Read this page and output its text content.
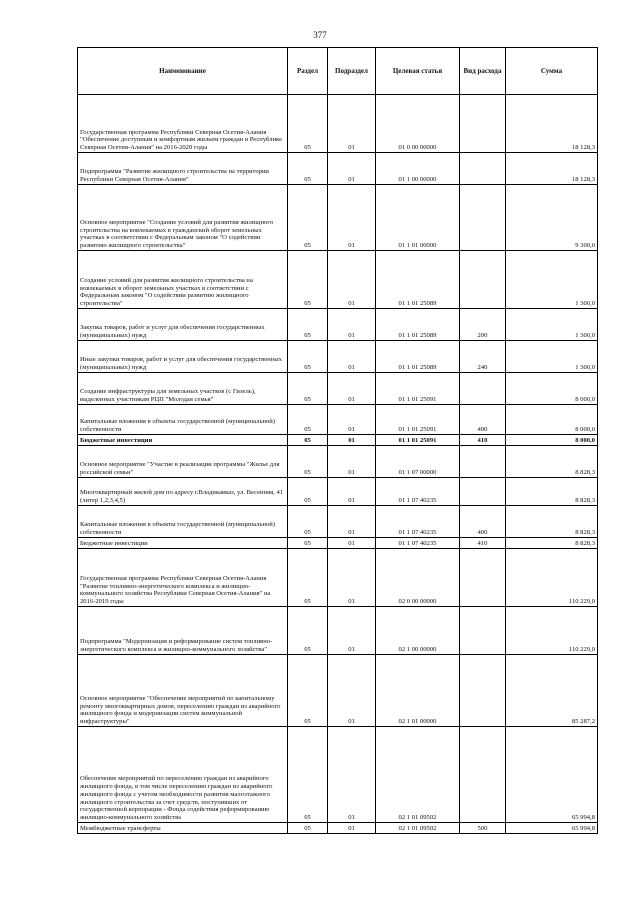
377
Наименование	Раздел	Подраздел	Целевая статья	Вид расхода	Сумма
Государственная программа Республики Северная Осетия-Алания "Обеспечение доступным и комфортным жильем граждан в Республике Северная Осетия-Алания" на 2016-2020 годы	05	01	01 0 00 00000		18 128,3
Подпрограмма "Развитие жилищного строительства на территории Республики Северная Осетия-Алания"	05	01	01 1 00 00000		18 128,3
Основное мероприятие "Создание условий для развития жилищного строительства на вовлекаемых в гражданский оборот земельных участках в соответствии с Федеральным законом "О содействии развитию жилищного строительства"	05	01	01 1 01 00000		9 300,0
Создание условий для развития жилищного строительства на вовлекаемых в оборот земельных участках в соответствии с Федеральным законом "О содействии развитию жилищного строительства"	05	01	01 1 01 25089		1 300,0
Закупка товаров, работ и услуг для обеспечения государственных (муниципальных) нужд	05	01	01 1 01 25089	200	1 300,0
Иные закупки товаров, работ и услуг для обеспечения государственных (муниципальных) нужд	05	01	01 1 01 25089	240	1 300,0
Создание инфраструктуры для земельных участков (с Гизель), выделенных участникам РЦП "Молодая семья"	05	01	01 1 01 25091		8 000,0
Капитальные вложения в объекты государственной (муниципальной) собственности	05	01	01 1 01 25091	400	8 000,0
Бюджетные инвестиции	05	01	01 1 01 25091	410	8 000,0
Основное мероприятие "Участие в реализации программы "Жилье для российской семьи"	05	01	01 1 07 00000		8 828,3
Многоквартирный жилой дом по адресу г.Владикавказ, ул. Весенняя, 41 (литер 1,2,3,4,5)	05	01	01 1 07 40235		8 828,3
Капитальные вложения в объекты государственной (муниципальной) собственности	05	01	01 1 07 40235	400	8 828,3
Бюджетные инвестиции	05	01	01 1 07 40235	410	8 828,3
Государственная программа Республики Северная Осетия-Алания "Развитие топливно-энергетического комплекса и жилищно-коммунального хозяйства Республики Северная Осетия-Алания" на 2016-2019 годы	05	01	02 0 00 00000		110 229,0
Подпрограмма "Модернизация и реформирование систем топливно-энергетического комплекса и жилищно-коммунального хозяйства"	05	01	02 1 00 00000		110 229,0
Основное мероприятие "Обеспечение мероприятий по капитальному ремонту многоквартирных домов, переселению граждан из аварийного жилищного фонда и модернизации систем коммунальной инфраструктуры"	05	01	02 1 01 00000		85 287,2
Обеспечение мероприятий по переселению граждан из аварийного жилищного фонда, в том числе переселению граждан из аварийного жилищного фонда с учетом необходимости развития малоэтажного жилищного строительства за счет средств, поступивших от государственной корпорации - Фонда содействия реформированию жилищно-коммунального хозяйства	05	01	02 1 01 09502		65 994,8
Межбюджетные трансферты	05	01	02 1 01 09502	500	65 994,8
